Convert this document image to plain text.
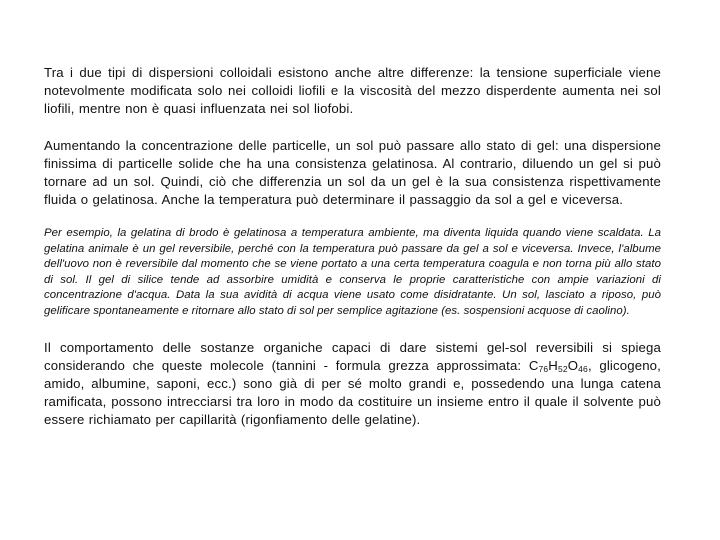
Tra i due tipi di dispersioni colloidali esistono anche altre differenze: la tensione superficiale viene notevolmente modificata solo nei colloidi liofili e la viscosità del mezzo disperdente aumenta nei sol liofili, mentre non è quasi influenzata nei sol liofobi.

Aumentando la concentrazione delle particelle, un sol può passare allo stato di gel: una dispersione finissima di particelle solide che ha una consistenza gelatinosa. Al contrario, diluendo un gel si può tornare ad un sol. Quindi, ciò che differenzia un sol da un gel è la sua consistenza rispettivamente fluida o gelatinosa. Anche la temperatura può determinare il passaggio da sol a gel e viceversa.

Per esempio, la gelatina di brodo è gelatinosa a temperatura ambiente, ma diventa liquida quando viene scaldata. La gelatina animale è un gel reversibile, perché con la temperatura può passare da gel a sol e viceversa. Invece, l'albume dell'uovo non è reversibile dal momento che se viene portato a una certa temperatura coagula e non torna più allo stato di sol. Il gel di silice tende ad assorbire umidità e conserva le proprie caratteristiche con ampie variazioni di concentrazione d'acqua. Data la sua avidità di acqua viene usato come disidratante. Un sol, lasciato a riposo, può gelificare spontaneamente e ritornare allo stato di sol per semplice agitazione (es. sospensioni acquose di caolino).

Il comportamento delle sostanze organiche capaci di dare sistemi gel-sol reversibili si spiega considerando che queste molecole (tannini - formula grezza approssimata: $C_{76}H_{52}O_{46}$, glicogeno, amido, albumine, saponi, ecc.) sono già di per sé molto grandi e, possedendo una lunga catena ramificata, possono intrecciarsi tra loro in modo da costituire un insieme entro il quale il solvente può essere richiamato per capillarità (rigonfiamento delle gelatine).
